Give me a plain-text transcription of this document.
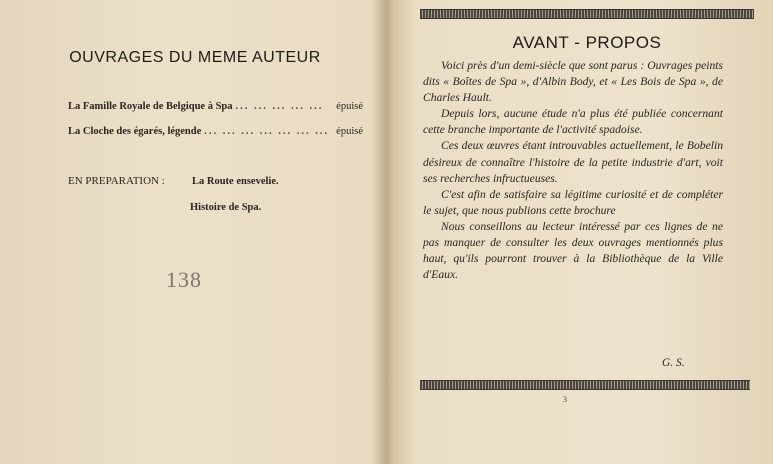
OUVRAGES DU MEME AUTEUR
La Famille Royale de Belgique à Spa ... ... ... ... ...	épuisé
La Cloche des égarés, légende ... ... ... ... ... ... ... épuisé
EN PREPARATION :	La Route ensevelie.
Histoire de Spa.
138
AVANT - PROPOS

Voici près d'un demi-siècle que sont parus : Ouvrages peints dits « Boîtes de Spa », d'Albin Body, et « Les Bois de Spa », de Charles Hault.

Depuis lors, aucune étude n'a plus été publiée concernant cette branche importante de l'activité spadoise.

Ces deux œuvres étant introuvables actuellement, le Bobelin désireux de connaître l'histoire de la petite industrie d'art, voit ses recherches infructueuses.

C'est afin de satisfaire sa légitime curiosité et de compléter le sujet, que nous publions cette brochure

Nous conseillons au lecteur intéressé par ces lignes de ne pas manquer de consulter les deux ouvrages mentionnés plus haut, qu'ils pourront trouver à la Bibliothèque de la Ville d'Eaux.

G. S.
3
